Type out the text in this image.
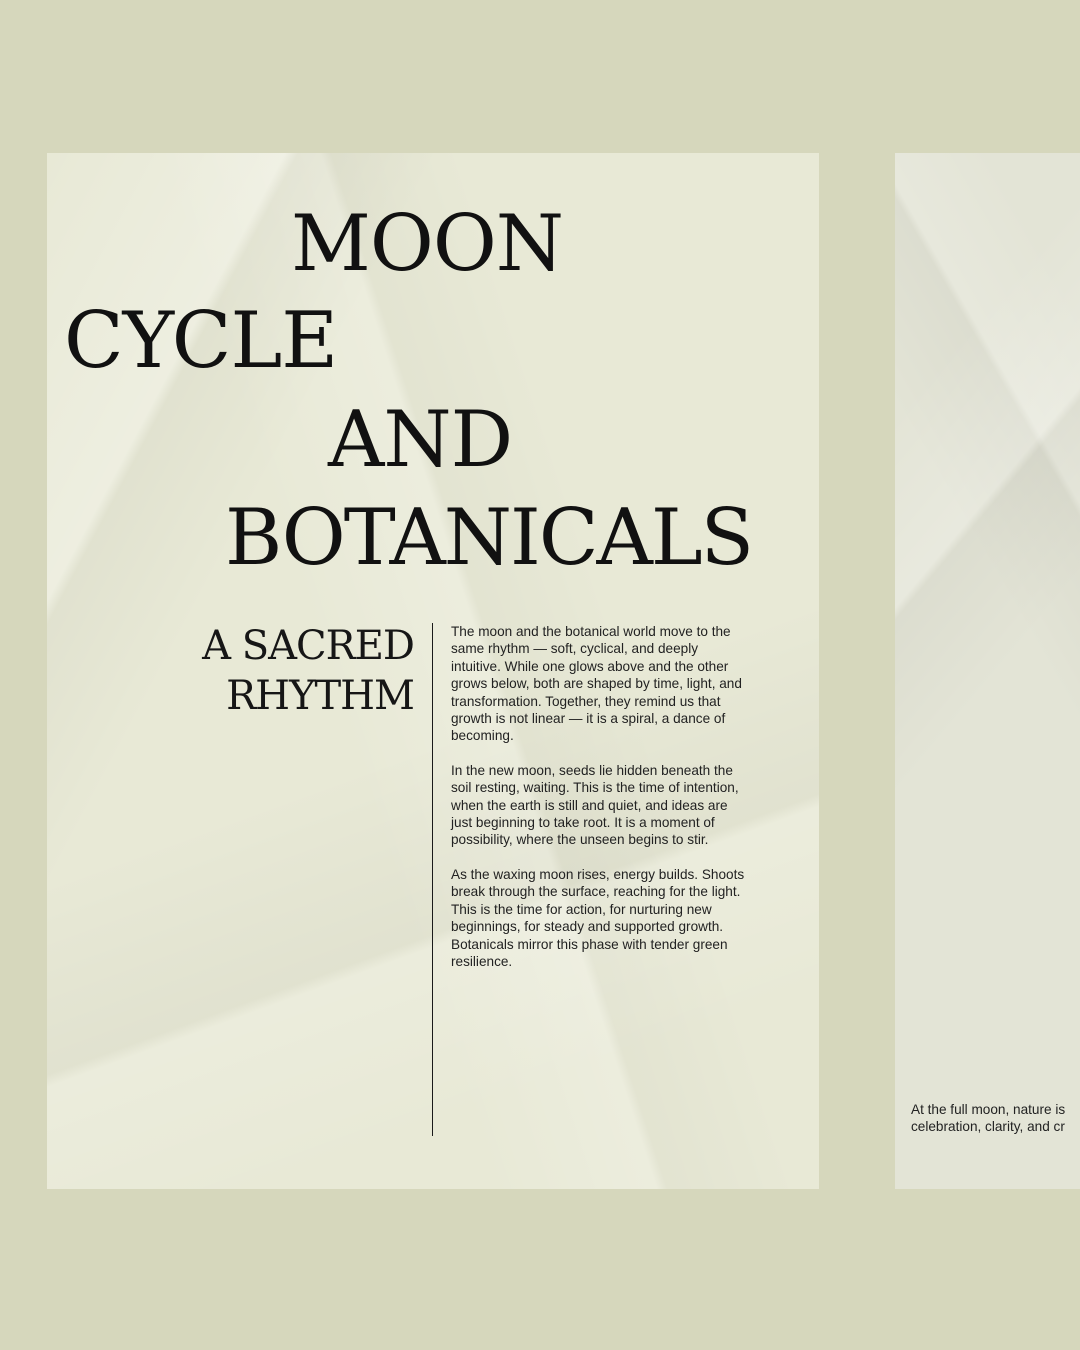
MOON
CYCLE
AND
BOTANICALS
A SACRED
RHYTHM

The moon and the botanical world move to the same rhythm — soft, cyclical, and deeply intuitive. While one glows above and the other grows below, both are shaped by time, light, and transformation. Together, they remind us that growth is not linear — it is a spiral, a dance of becoming.

In the new moon, seeds lie hidden beneath the soil resting, waiting. This is the time of intention, when the earth is still and quiet, and ideas are just beginning to take root. It is a moment of possibility, where the unseen begins to stir.

As the waxing moon rises, energy builds. Shoots break through the surface, reaching for the light. This is the time for action, for nurturing new beginnings, for steady and supported growth. Botanicals mirror this phase with tender green resilience.

At the full moon, nature is
celebration, clarity, and cr
